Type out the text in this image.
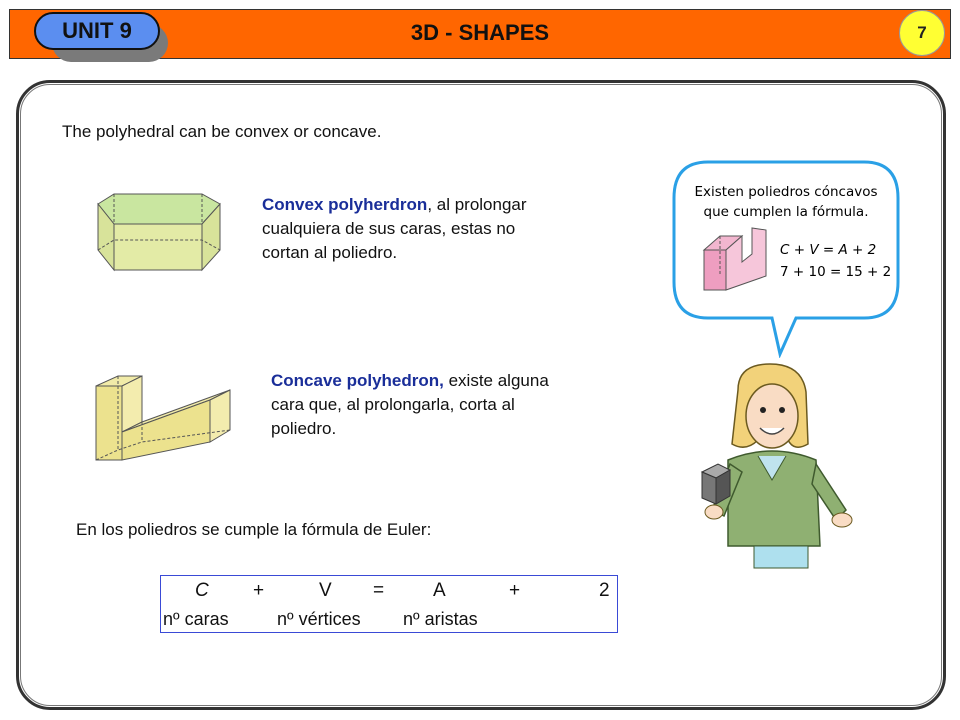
UNIT 9	3D - SHAPES	7
The polyhedral can be convex or concave.
Convex polyherdron, al prolongar
cualquiera de sus caras, estas no
cortan al poliedro.
Concave polyhedron, existe alguna
cara que, al prolongarla, corta al
poliedro.
En los poliedros se cumple la fórmula de Euler:
Existen poliedros cóncavos
que cumplen la fórmula.
C + V = A + 2
7 + 10 = 15 + 2
C +	V =	A	+	2
nº caras	nº vértices nº aristas
